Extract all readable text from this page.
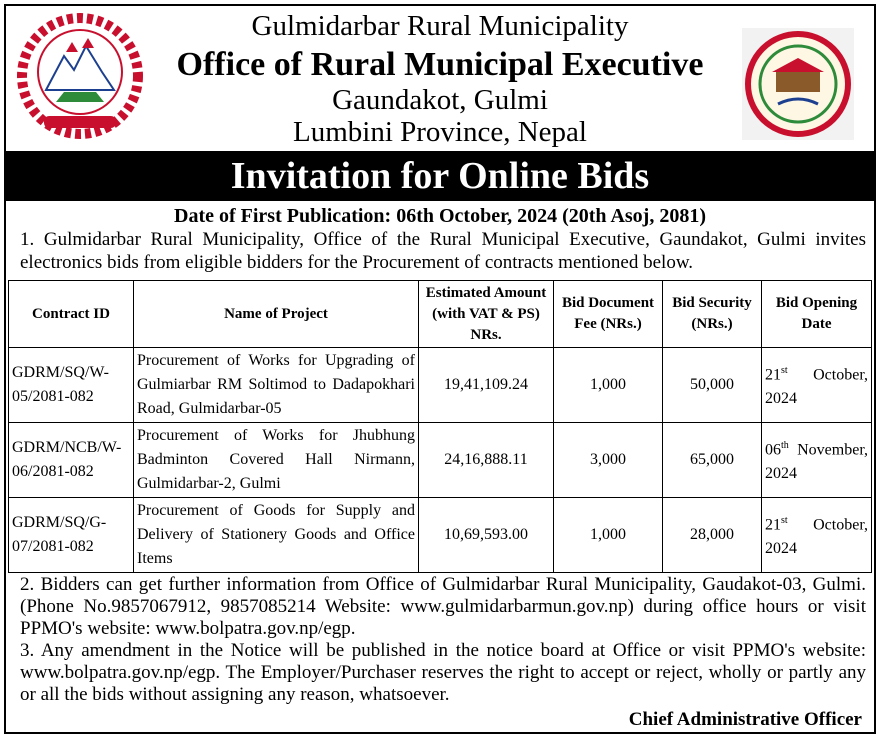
Gulmidarbar Rural Municipality
Office of Rural Municipal Executive
Gaundakot, Gulmi
Lumbini Province, Nepal
Invitation for Online Bids
Date of First Publication: 06th October, 2024 (20th Asoj, 2081)
1. Gulmidarbar Rural Municipality, Office of the Rural Municipal Executive, Gaundakot, Gulmi invites electronics bids from eligible bidders for the Procurement of contracts mentioned below.
Contract ID	Name of Project	Estimated Amount (with VAT & PS) NRs.	Bid Document Fee (NRs.)	Bid Security (NRs.)	Bid Opening Date
GDRM/SQ/W-05/2081-082	Procurement of Works for Upgrading of Gulmiarbar RM Soltimod to Dadapokhari Road, Gulmidarbar-05	19,41,109.24	1,000	50,000	21st October, 2024
GDRM/NCB/W-06/2081-082	Procurement of Works for Jhubhung Badminton Covered Hall Nirmann, Gulmidarbar-2, Gulmi	24,16,888.11	3,000	65,000	06th November, 2024
GDRM/SQ/G-07/2081-082	Procurement of Goods for Supply and Delivery of Stationery Goods and Office Items	10,69,593.00	1,000	28,000	21st October, 2024

2. Bidders can get further information from Office of Gulmidarbar Rural Municipality, Gaudakot-03, Gulmi. (Phone No.9857067912, 9857085214 Website: www.gulmidarbarmun.gov.np) during office hours or visit PPMO's website: www.bolpatra.gov.np/egp.

3. Any amendment in the Notice will be published in the notice board at Office or visit PPMO's website: www.bolpatra.gov.np/egp. The Employer/Purchaser reserves the right to accept or reject, wholly or partly any or all the bids without assigning any reason, whatsoever.

Chief Administrative Officer
